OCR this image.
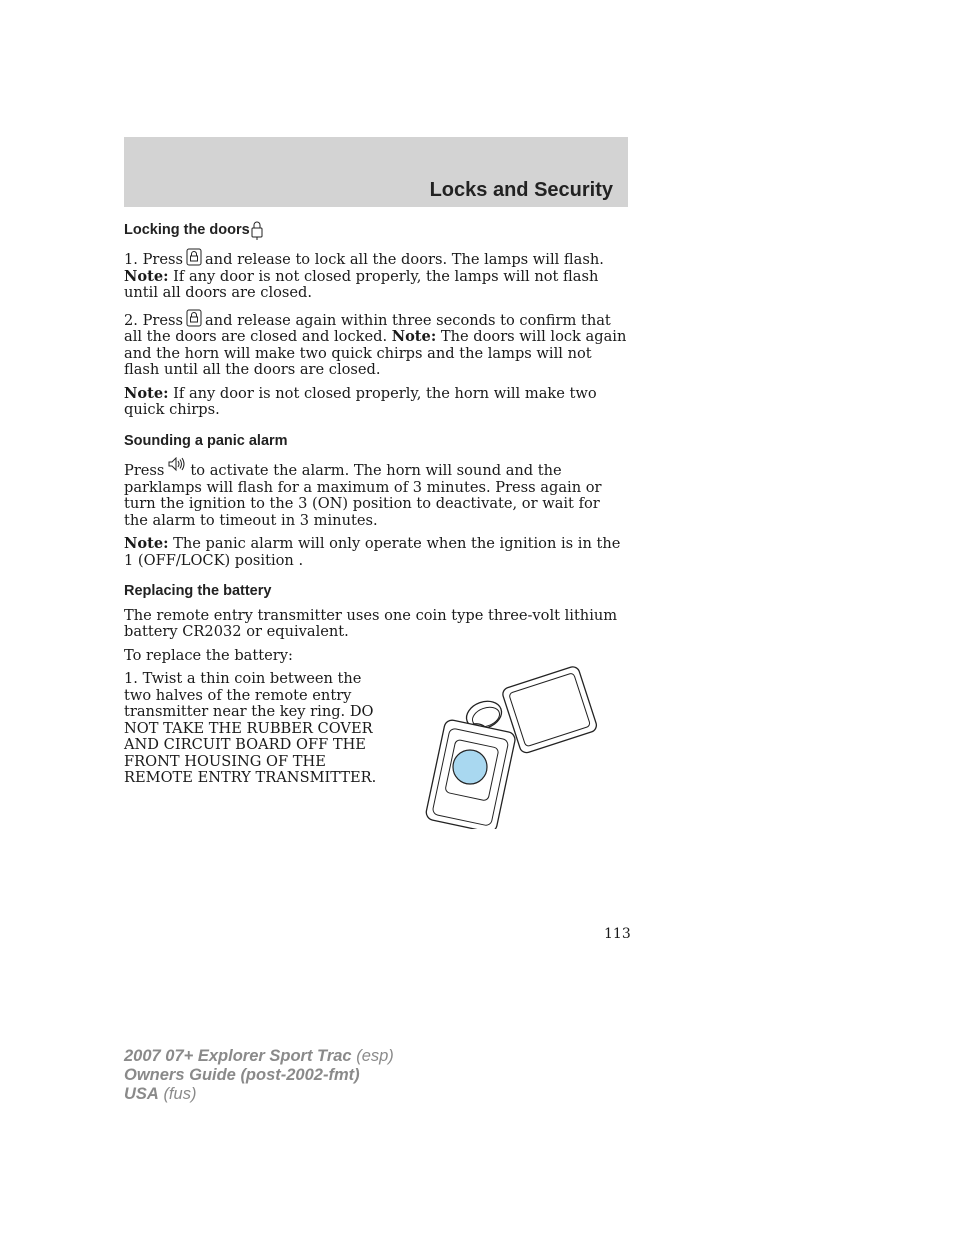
Locks and Security
Locking the doors

1. Press and release to lock all the doors. The lamps will flash. Note: If any door is not closed properly, the lamps will not flash until all doors are closed.

2. Press and release again within three seconds to confirm that all the doors are closed and locked. Note: The doors will lock again and the horn will make two quick chirps and the lamps will not flash until all the doors are closed.

Note: If any door is not closed properly, the horn will make two quick chirps.

Sounding a panic alarm

Press to activate the alarm. The horn will sound and the parklamps will flash for a maximum of 3 minutes. Press again or turn the ignition to the 3 (ON) position to deactivate, or wait for the alarm to timeout in 3 minutes.

Note: The panic alarm will only operate when the ignition is in the 1 (OFF/LOCK) position .

Replacing the battery

The remote entry transmitter uses one coin type three-volt lithium battery CR2032 or equivalent.

To replace the battery:

1. Twist a thin coin between the two halves of the remote entry transmitter near the key ring. DO NOT TAKE THE RUBBER COVER AND CIRCUIT BOARD OFF THE FRONT HOUSING OF THE REMOTE ENTRY TRANSMITTER.

113
2007 07+ Explorer Sport Trac (esp)
Owners Guide (post-2002-fmt)
USA (fus)
